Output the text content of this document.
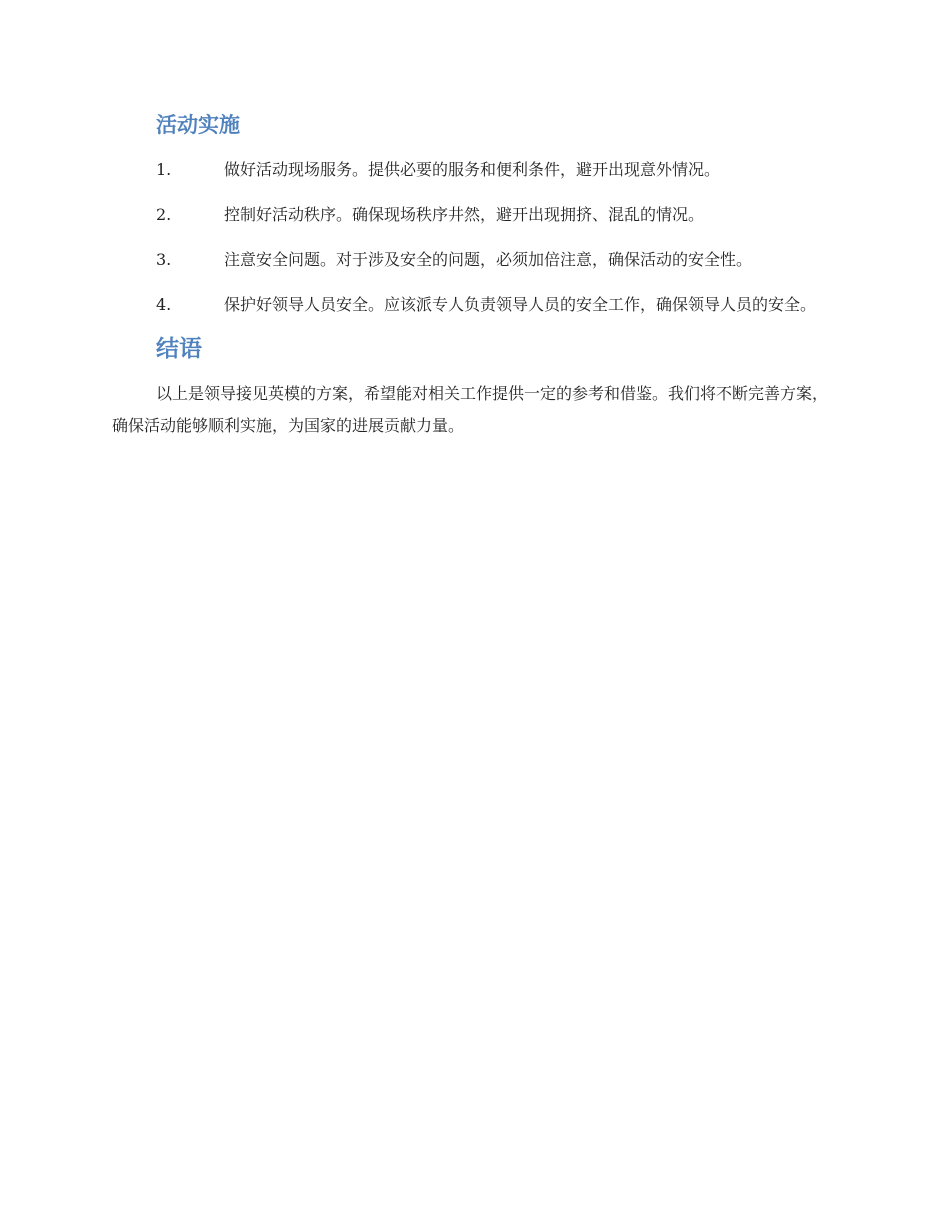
活动实施
1.	做好活动现场服务。提供必要的服务和便利条件，避开出现意外情况。
2.	控制好活动秩序。确保现场秩序井然，避开出现拥挤、混乱的情况。
3.	注意安全问题。对于涉及安全的问题，必须加倍注意，确保活动的安全性。
4.	保护好领导人员安全。应该派专人负责领导人员的安全工作，确保领导人员的安全。
结语

以上是领导接见英模的方案，希望能对相关工作提供一定的参考和借鉴。我们将不断完善方案，确保活动能够顺利实施，为国家的进展贡献力量。
